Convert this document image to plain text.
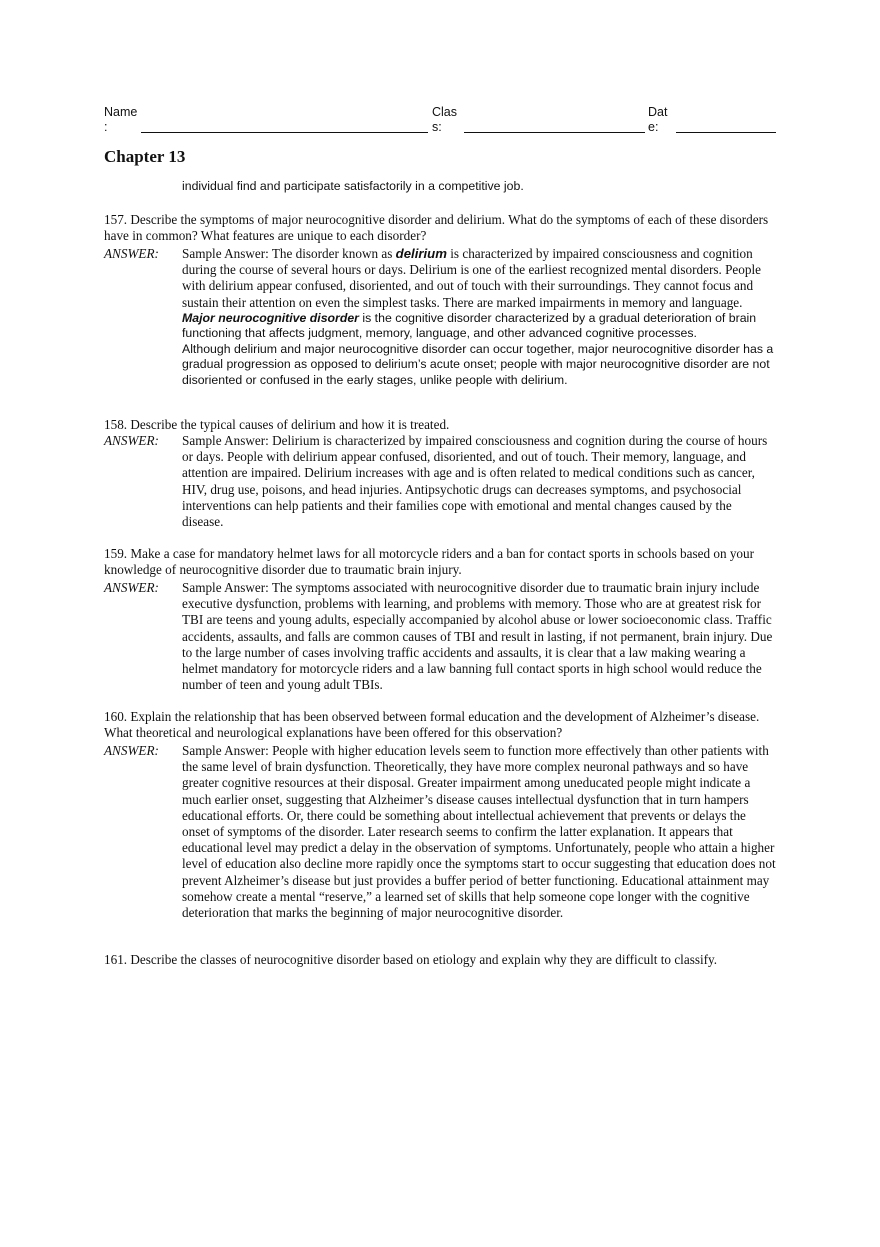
Name
:
Clas
s:
Dat
e:
Chapter 13
individual find and participate satisfactorily in a competitive job.
157. Describe the symptoms of major neurocognitive disorder and delirium. What do the symptoms of each of these disorders have in common? What features are unique to each disorder?
ANSWER: Sample Answer: The disorder known as delirium is characterized by impaired consciousness and cognition during the course of several hours or days. Delirium is one of the earliest recognized mental disorders. People with delirium appear confused, disoriented, and out of touch with their surroundings. They cannot focus and sustain their attention on even the simplest tasks. There are marked impairments in memory and language.
Major neurocognitive disorder is the cognitive disorder characterized by a gradual deterioration of brain functioning that affects judgment, memory, language, and other advanced cognitive processes.
Although delirium and major neurocognitive disorder can occur together, major neurocognitive disorder has a gradual progression as opposed to delirium’s acute onset; people with major neurocognitive disorder are not disoriented or confused in the early stages, unlike people with delirium.
158. Describe the typical causes of delirium and how it is treated.
ANSWER: Sample Answer: Delirium is characterized by impaired consciousness and cognition during the course of hours or days. People with delirium appear confused, disoriented, and out of touch. Their memory, language, and attention are impaired. Delirium increases with age and is often related to medical conditions such as cancer, HIV, drug use, poisons, and head injuries. Antipsychotic drugs can decreases symptoms, and psychosocial interventions can help patients and their families cope with emotional and mental changes caused by the disease.
159. Make a case for mandatory helmet laws for all motorcycle riders and a ban for contact sports in schools based on your knowledge of neurocognitive disorder due to traumatic brain injury.
ANSWER: Sample Answer: The symptoms associated with neurocognitive disorder due to traumatic brain injury include executive dysfunction, problems with learning, and problems with memory. Those who are at greatest risk for TBI are teens and young adults, especially accompanied by alcohol abuse or lower socioeconomic class. Traffic accidents, assaults, and falls are common causes of TBI and result in lasting, if not permanent, brain injury. Due to the large number of cases involving traffic accidents and assaults, it is clear that a law making wearing a helmet mandatory for motorcycle riders and a law banning full contact sports in high school would reduce the number of teen and young adult TBIs.
160. Explain the relationship that has been observed between formal education and the development of Alzheimer’s disease. What theoretical and neurological explanations have been offered for this observation?
ANSWER: Sample Answer: People with higher education levels seem to function more effectively than other patients with the same level of brain dysfunction. Theoretically, they have more complex neuronal pathways and so have greater cognitive resources at their disposal. Greater impairment among uneducated people might indicate a much earlier onset, suggesting that Alzheimer’s disease causes intellectual dysfunction that in turn hampers educational efforts. Or, there could be something about intellectual achievement that prevents or delays the onset of symptoms of the disorder. Later research seems to confirm the latter explanation. It appears that educational level may predict a delay in the observation of symptoms. Unfortunately, people who attain a higher level of education also decline more rapidly once the symptoms start to occur suggesting that education does not prevent Alzheimer’s disease but just provides a buffer period of better functioning. Educational attainment may somehow create a mental “reserve,” a learned set of skills that help someone cope longer with the cognitive deterioration that marks the beginning of major neurocognitive disorder.
161. Describe the classes of neurocognitive disorder based on etiology and explain why they are difficult to classify.
